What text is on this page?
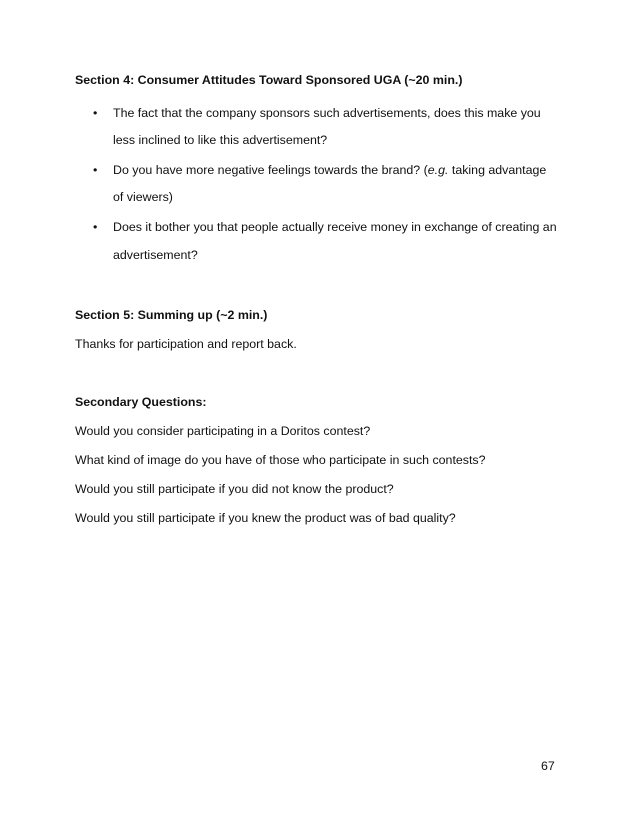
Section 4: Consumer Attitudes Toward Sponsored UGA (~20 min.)
• The fact that the company sponsors such advertisements, does this make you
less inclined to like this advertisement?
• Do you have more negative feelings towards the brand? (e.g. taking advantage
of viewers)
• Does it bother you that people actually receive money in exchange of creating an
advertisement?
Section 5: Summing up (~2 min.)
Thanks for participation and report back.
Secondary Questions:
Would you consider participating in a Doritos contest?
What kind of image do you have of those who participate in such contests?
Would you still participate if you did not know the product?
Would you still participate if you knew the product was of bad quality?
67
